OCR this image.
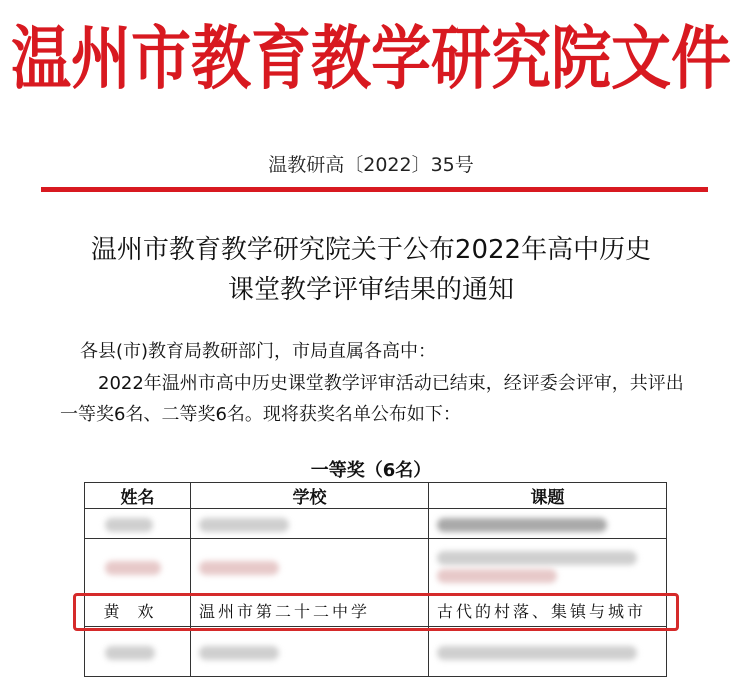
温州市教育教学研究院文件
温教研高〔2022〕35号
温州市教育教学研究院关于公布2022年高中历史
课堂教学评审结果的通知
各县(市)教育局教研部门，市局直属各高中：
2022年温州市高中历史课堂教学评审活动已结束，经评委会评审，共评出一等奖6名、二等奖6名。现将获奖名单公布如下：
一等奖（6名）
姓名	学校	课题

黄欢	温州市第二十二中学	古代的村落、集镇与城市
